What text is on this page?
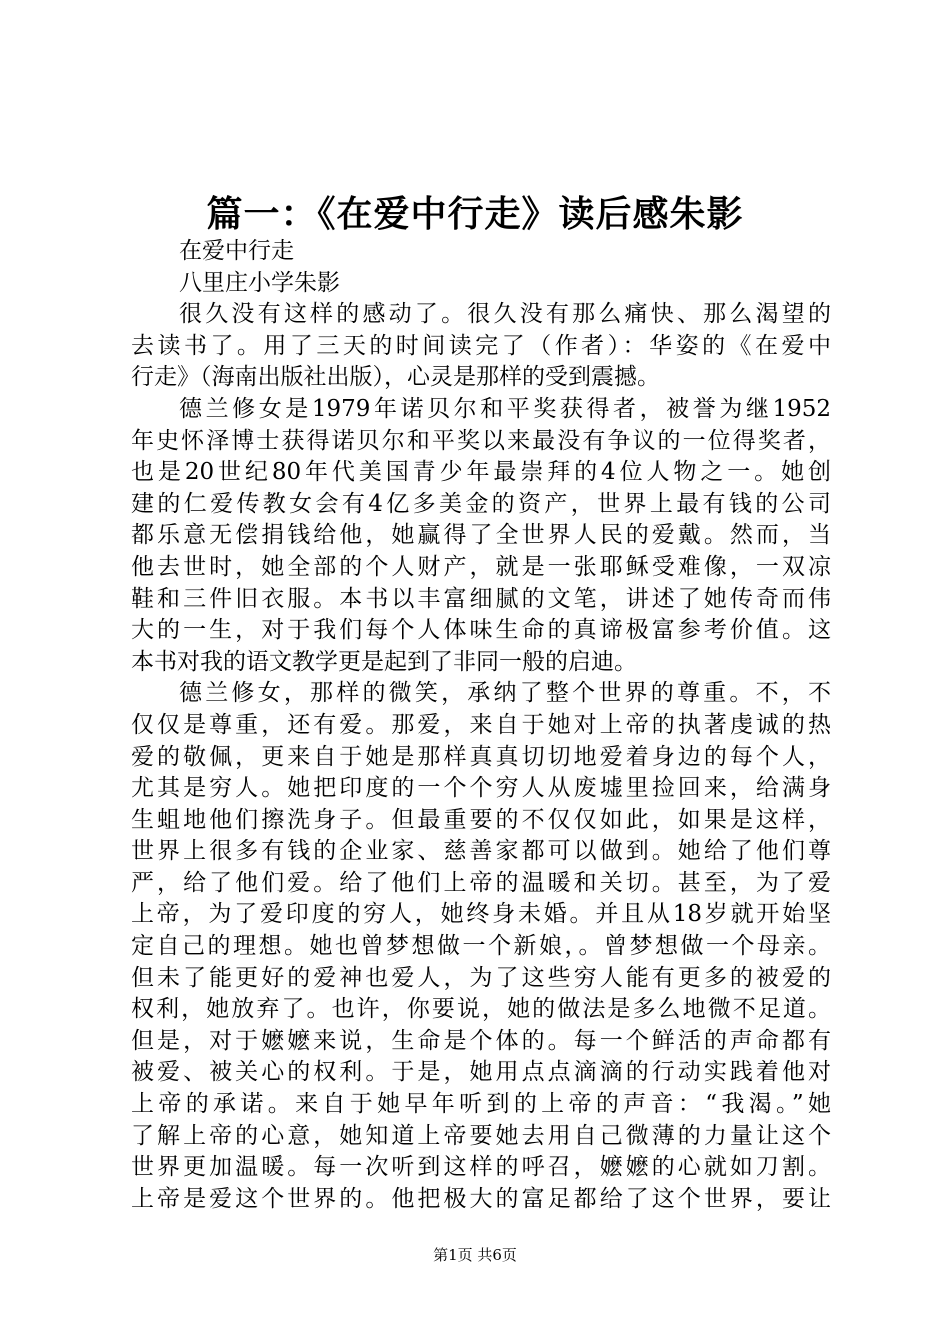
篇一：《在爱中行走》读后感朱影
在爱中行走
八里庄小学朱影
很久没有这样的感动了。很久没有那么痛快、那么渴望的
去读书了。用了三天的时间读完了（作者）：华姿的《在爱中
行走》（海南出版社出版），心灵是那样的受到震撼。
德兰修女是1979年诺贝尔和平奖获得者，被誉为继1952
年史怀泽博士获得诺贝尔和平奖以来最没有争议的一位得奖者，
也是20世纪80年代美国青少年最崇拜的4位人物之一。她创
建的仁爱传教女会有4亿多美金的资产，世界上最有钱的公司
都乐意无偿捐钱给他，她赢得了全世界人民的爱戴。然而，当
他去世时，她全部的个人财产，就是一张耶稣受难像，一双凉
鞋和三件旧衣服。本书以丰富细腻的文笔，讲述了她传奇而伟
大的一生，对于我们每个人体味生命的真谛极富参考价值。这
本书对我的语文教学更是起到了非同一般的启迪。
德兰修女，那样的微笑，承纳了整个世界的尊重。不，不
仅仅是尊重，还有爱。那爱，来自于她对上帝的执著虔诚的热
爱的敬佩，更来自于她是那样真真切切地爱着身边的每个人，
尤其是穷人。她把印度的一个个穷人从废墟里捡回来，给满身
生蛆地他们擦洗身子。但最重要的不仅仅如此，如果是这样，
世界上很多有钱的企业家、慈善家都可以做到。她给了他们尊
严，给了他们爱。给了他们上帝的温暖和关切。甚至，为了爱
上帝，为了爱印度的穷人，她终身未婚。并且从18岁就开始坚
定自己的理想。她也曾梦想做一个新娘，。曾梦想做一个母亲。
但未了能更好的爱神也爱人，为了这些穷人能有更多的被爱的
权利，她放弃了。也许，你要说，她的做法是多么地微不足道。
但是，对于嬷嬷来说，生命是个体的。每一个鲜活的声命都有
被爱、被关心的权利。于是，她用点点滴滴的行动实践着他对
上帝的承诺。来自于她早年听到的上帝的声音：“我渴。”她
了解上帝的心意，她知道上帝要她去用自己微薄的力量让这个
世界更加温暖。每一次听到这样的呼召，嬷嬷的心就如刀割。
上帝是爱这个世界的。他把极大的富足都给了这个世界，要让

第1页 共6页
